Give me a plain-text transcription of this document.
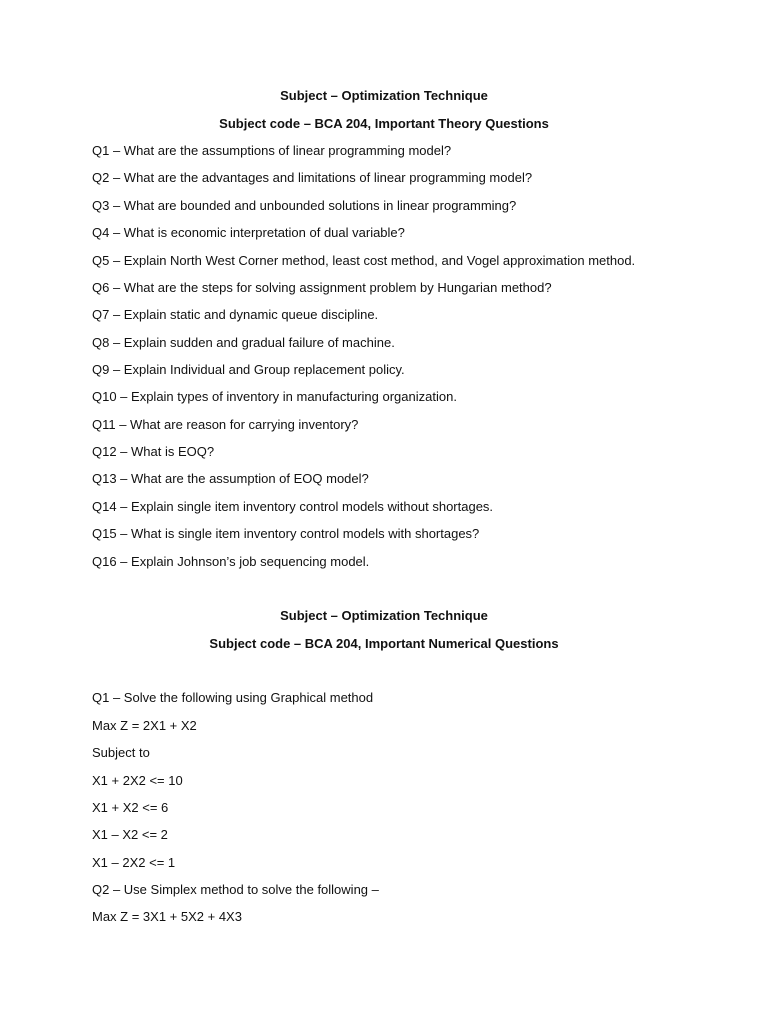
Subject – Optimization Technique
Subject code – BCA 204, Important Theory Questions
Q1 – What are the assumptions of linear programming model?
Q2 – What are the advantages and limitations of linear programming model?
Q3 – What are bounded and unbounded solutions in linear programming?
Q4 – What is economic interpretation of dual variable?
Q5 – Explain North West Corner method, least cost method, and Vogel approximation method.
Q6 – What are the steps for solving assignment problem by Hungarian method?
Q7 – Explain static and dynamic queue discipline.
Q8 – Explain sudden and gradual failure of machine.
Q9 – Explain Individual and Group replacement policy.
Q10 – Explain types of inventory in manufacturing organization.
Q11 – What are reason for carrying inventory?
Q12 – What is EOQ?
Q13 – What are the assumption of EOQ model?
Q14 – Explain single item inventory control models without shortages.
Q15 – What is single item inventory control models with shortages?
Q16 – Explain Johnson’s job sequencing model.
Subject – Optimization Technique
Subject code – BCA 204, Important Numerical Questions
Q1 – Solve the following using Graphical method
Max Z = 2X1 + X2
Subject to
X1 + 2X2 <= 10
X1 + X2 <= 6
X1 – X2 <= 2
X1 – 2X2 <= 1
Q2 – Use Simplex method to solve the following –
Max Z = 3X1 + 5X2 + 4X3
